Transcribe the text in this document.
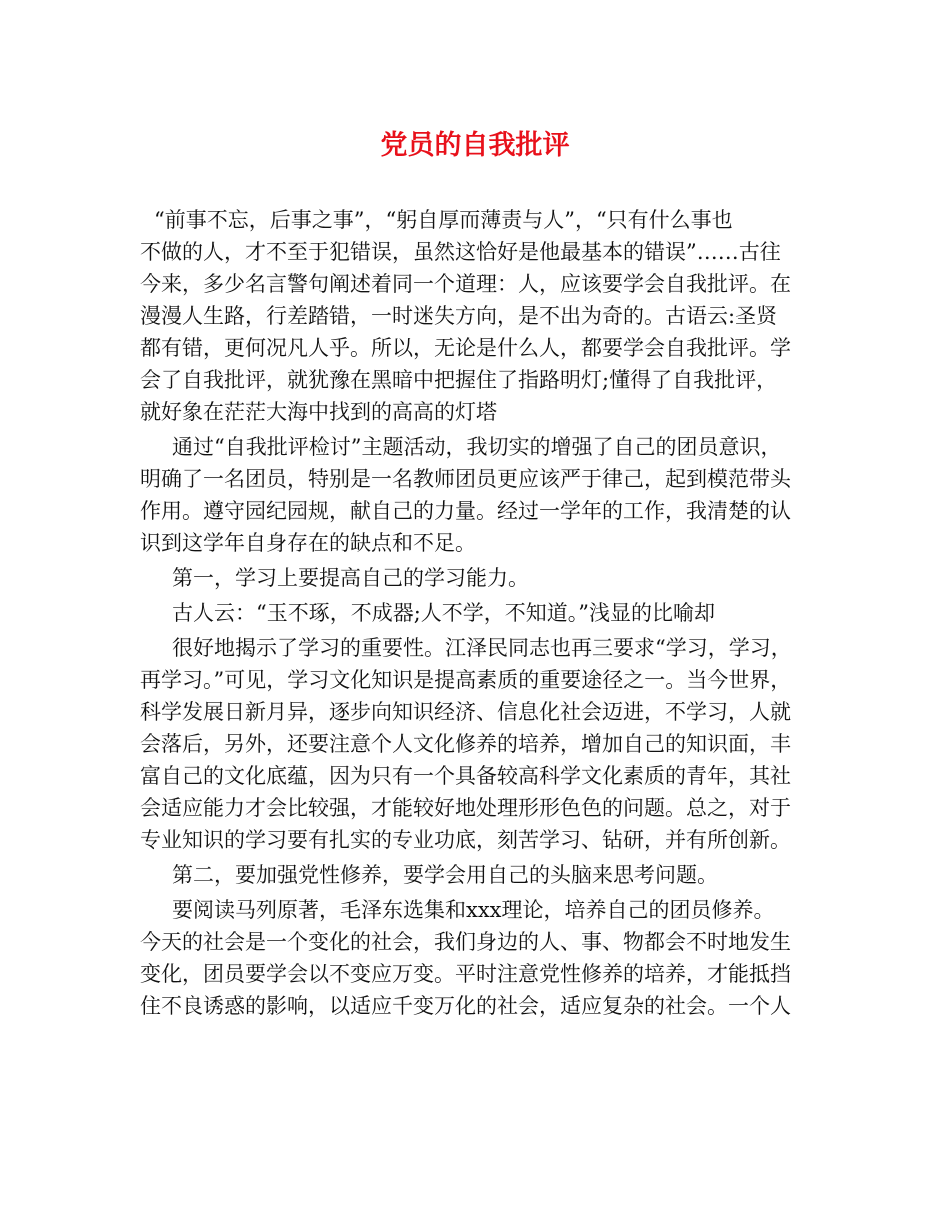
党员的自我批评
“前事不忘，后事之事”，“躬自厚而薄责与人”，“只有什么事也
不做的人，才不至于犯错误，虽然这恰好是他最基本的错误”……古往
今来，多少名言警句阐述着同一个道理：人，应该要学会自我批评。在
漫漫人生路，行差踏错，一时迷失方向，是不出为奇的。古语云:圣贤
都有错，更何况凡人乎。所以，无论是什么人，都要学会自我批评。学
会了自我批评，就犹豫在黑暗中把握住了指路明灯;懂得了自我批评，
就好象在茫茫大海中找到的高高的灯塔
通过“自我批评检讨”主题活动，我切实的增强了自己的团员意识，
明确了一名团员，特别是一名教师团员更应该严于律己，起到模范带头
作用。遵守园纪园规，献自己的力量。经过一学年的工作，我清楚的认
识到这学年自身存在的缺点和不足。
第一，学习上要提高自己的学习能力。
古人云：“玉不琢，不成器;人不学，不知道。”浅显的比喻却
很好地揭示了学习的重要性。江泽民同志也再三要求“学习，学习，
再学习。”可见，学习文化知识是提高素质的重要途径之一。当今世界，
科学发展日新月异，逐步向知识经济、信息化社会迈进，不学习，人就
会落后，另外，还要注意个人文化修养的培养，增加自己的知识面，丰
富自己的文化底蕴，因为只有一个具备较高科学文化素质的青年，其社
会适应能力才会比较强，才能较好地处理形形色色的问题。总之，对于
专业知识的学习要有扎实的专业功底，刻苦学习、钻研，并有所创新。
第二，要加强党性修养，要学会用自己的头脑来思考问题。
要阅读马列原著，毛泽东选集和xxx理论，培养自己的团员修养。
今天的社会是一个变化的社会，我们身边的人、事、物都会不时地发生
变化，团员要学会以不变应万变。平时注意党性修养的培养，才能抵挡
住不良诱惑的影响，以适应千变万化的社会，适应复杂的社会。一个人
